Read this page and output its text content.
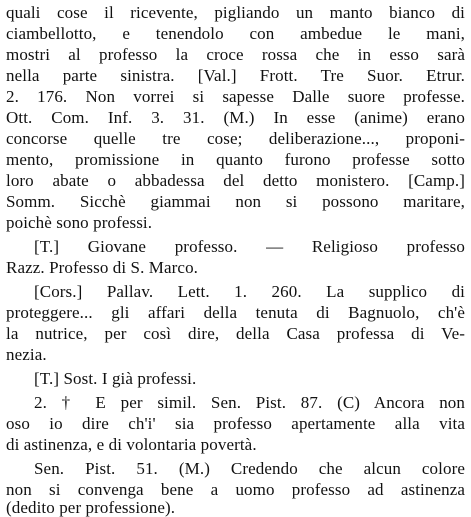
quali cose il ricevente, pigliando un manto bianco di
ciambellotto, e tenendolo con ambedue le mani,
mostri al professo la croce rossa che in esso sarà
nella parte sinistra. [Val.] Frott. Tre Suor. Etrur.
2. 176. Non vorrei si sapesse Dalle suore professe.
Ott. Com. Inf. 3. 31. (M.) In esse (anime) erano
concorse quelle tre cose; deliberazione..., proponi-
mento, promissione in quanto furono professe sotto
loro abate o abbadessa del detto monistero. [Camp.]
Somm. Sicchè giammai non si possono maritare,
poichè sono professi.
[T.] Giovane professo. — Religioso professo
Razz. Professo di S. Marco.
[Cors.] Pallav. Lett. 1. 260. La supplico di
proteggere... gli affari della tenuta di Bagnuolo, ch'è
la nutrice, per così dire, della Casa professa di Ve-
nezia.
[T.] Sost. I già professi.
2. † E per simil. Sen. Pist. 87. (C) Ancora non
oso io dire ch'i' sia professo apertamente alla vita
di astinenza, e di volontaria povertà.
Sen. Pist. 51. (M.) Credendo che alcun colore
non si convenga bene a uomo professo ad astinenza
(dedito per professione).
